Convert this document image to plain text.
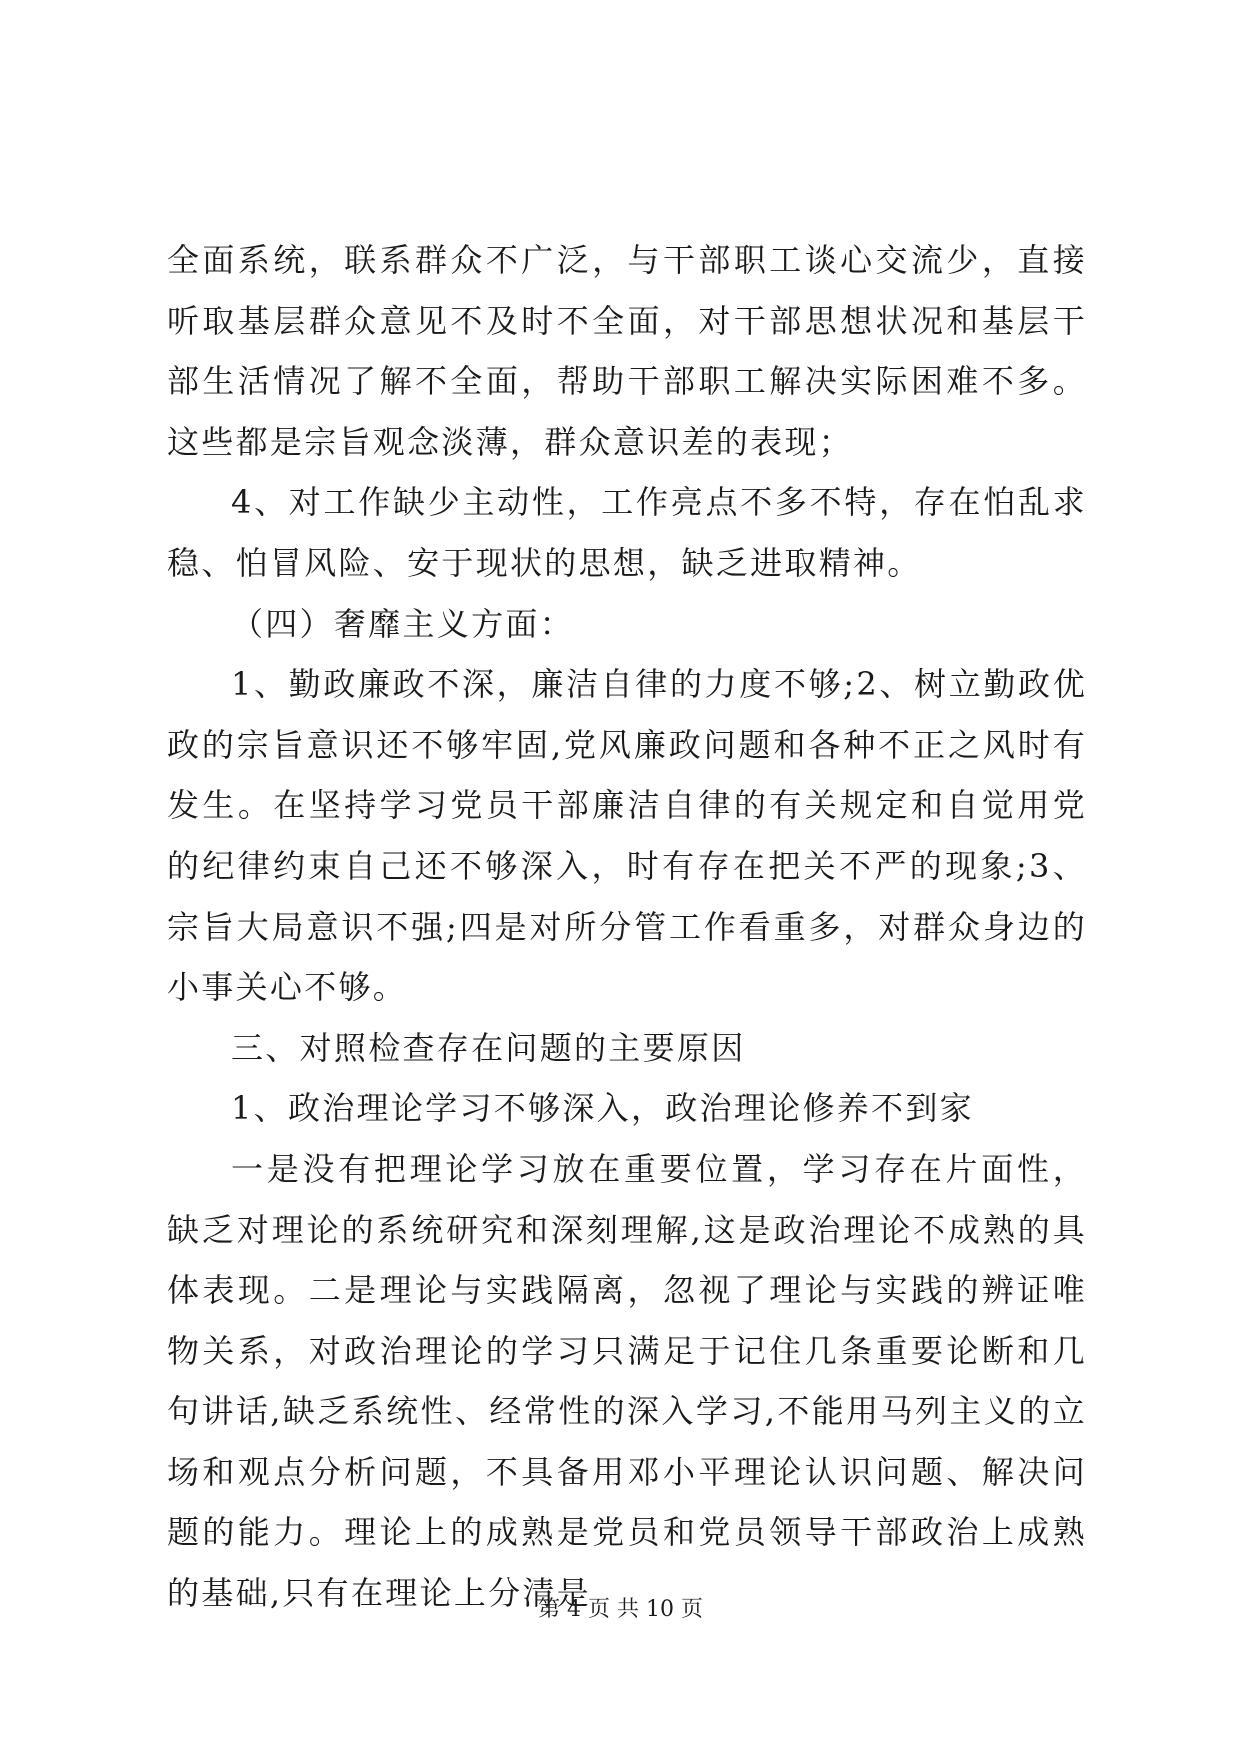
全面系统，联系群众不广泛，与干部职工谈心交流少，直接听取基层群众意见不及时不全面，对干部思想状况和基层干部生活情况了解不全面，帮助干部职工解决实际困难不多。这些都是宗旨观念淡薄，群众意识差的表现；

4、对工作缺少主动性，工作亮点不多不特，存在怕乱求稳、怕冒风险、安于现状的思想，缺乏进取精神。

（四）奢靡主义方面：

1、勤政廉政不深，廉洁自律的力度不够;2、树立勤政优政的宗旨意识还不够牢固,党风廉政问题和各种不正之风时有发生。在坚持学习党员干部廉洁自律的有关规定和自觉用党的纪律约束自己还不够深入，时有存在把关不严的现象;3、宗旨大局意识不强;四是对所分管工作看重多，对群众身边的小事关心不够。

三、对照检查存在问题的主要原因

1、政治理论学习不够深入，政治理论修养不到家

一是没有把理论学习放在重要位置，学习存在片面性，缺乏对理论的系统研究和深刻理解,这是政治理论不成熟的具体表现。二是理论与实践隔离，忽视了理论与实践的辨证唯物关系，对政治理论的学习只满足于记住几条重要论断和几句讲话,缺乏系统性、经常性的深入学习,不能用马列主义的立场和观点分析问题，不具备用邓小平理论认识问题、解决问题的能力。理论上的成熟是党员和党员领导干部政治上成熟的基础,只有在理论上分清是

第 4 页 共 10 页
